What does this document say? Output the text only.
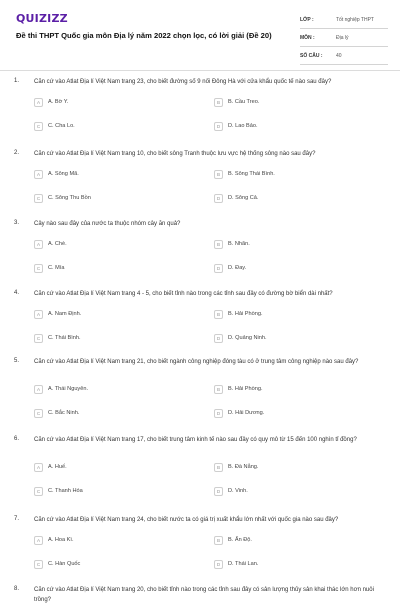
QUIZIZZ
Đề thi THPT Quốc gia môn Địa lý năm 2022 chọn lọc, có lời giải (Đề 20)
LỚP :	Tốt nghiệp THPT
MÔN :	Địa lý
SỐ CÂU :	40
1. Căn cứ vào Atlat Địa lí Việt Nam trang 23, cho biết đường số 9 nối Đông Hà với cửa khẩu quốc tế nào sau đây?
A	A. Bờ Y.	B	B. Cầu Treo.
C	C. Cha Lo.	D	D. Lao Bảo.
2. Căn cứ vào Atlat Địa lí Việt Nam trang 10, cho biết sông Tranh thuộc lưu vực hệ thống sông nào sau đây?
A	A. Sông Mã.	B	B. Sông Thái Bình.
C	C. Sông Thu Bồn	D	D. Sông Cả.
3. Cây nào sau đây của nước ta thuộc nhóm cây ăn quả?
A	A. Chè.	B	B. Nhãn.
C	C. Mía	D	D. Đay.
4. Căn cứ vào Atlat Địa lí Việt Nam trang 4 - 5, cho biết tỉnh nào trong các tỉnh sau đây có đường bờ biển dài nhất?
A	A. Nam Định.	B	B. Hải Phòng.
C	C. Thái Bình.	D	D. Quảng Ninh.
5. Căn cứ vào Atlat Địa lí Việt Nam trang 21, cho biết ngành công nghiệp đóng tàu có ở trung tâm công nghiệp nào sau đây?
A	A. Thái Nguyên.	B	B. Hải Phòng.
C	C. Bắc Ninh.	D	D. Hải Dương.
6. Căn cứ vào Atlat Địa lí Việt Nam trang 17, cho biết trung tâm kinh tế nào sau đây có quy mô từ 15 đến 100 nghìn tỉ đồng?
A	A. Huế.	B	B. Đà Nẵng.
C	C. Thanh Hóa	D	D. Vinh.
7. Căn cứ vào Atlat Địa lí Việt Nam trang 24, cho biết nước ta có giá trị xuất khẩu lớn nhất với quốc gia nào sau đây?
A	A. Hoa Kì.	B	B. Ấn Độ.
C	C. Hàn Quốc	D	D. Thái Lan.
8. Căn cứ vào Atlat Địa lí Việt Nam trang 20, cho biết tỉnh nào trong các tỉnh sau đây có sản lượng thủy sản khai thác lớn hơn nuôi trồng?
